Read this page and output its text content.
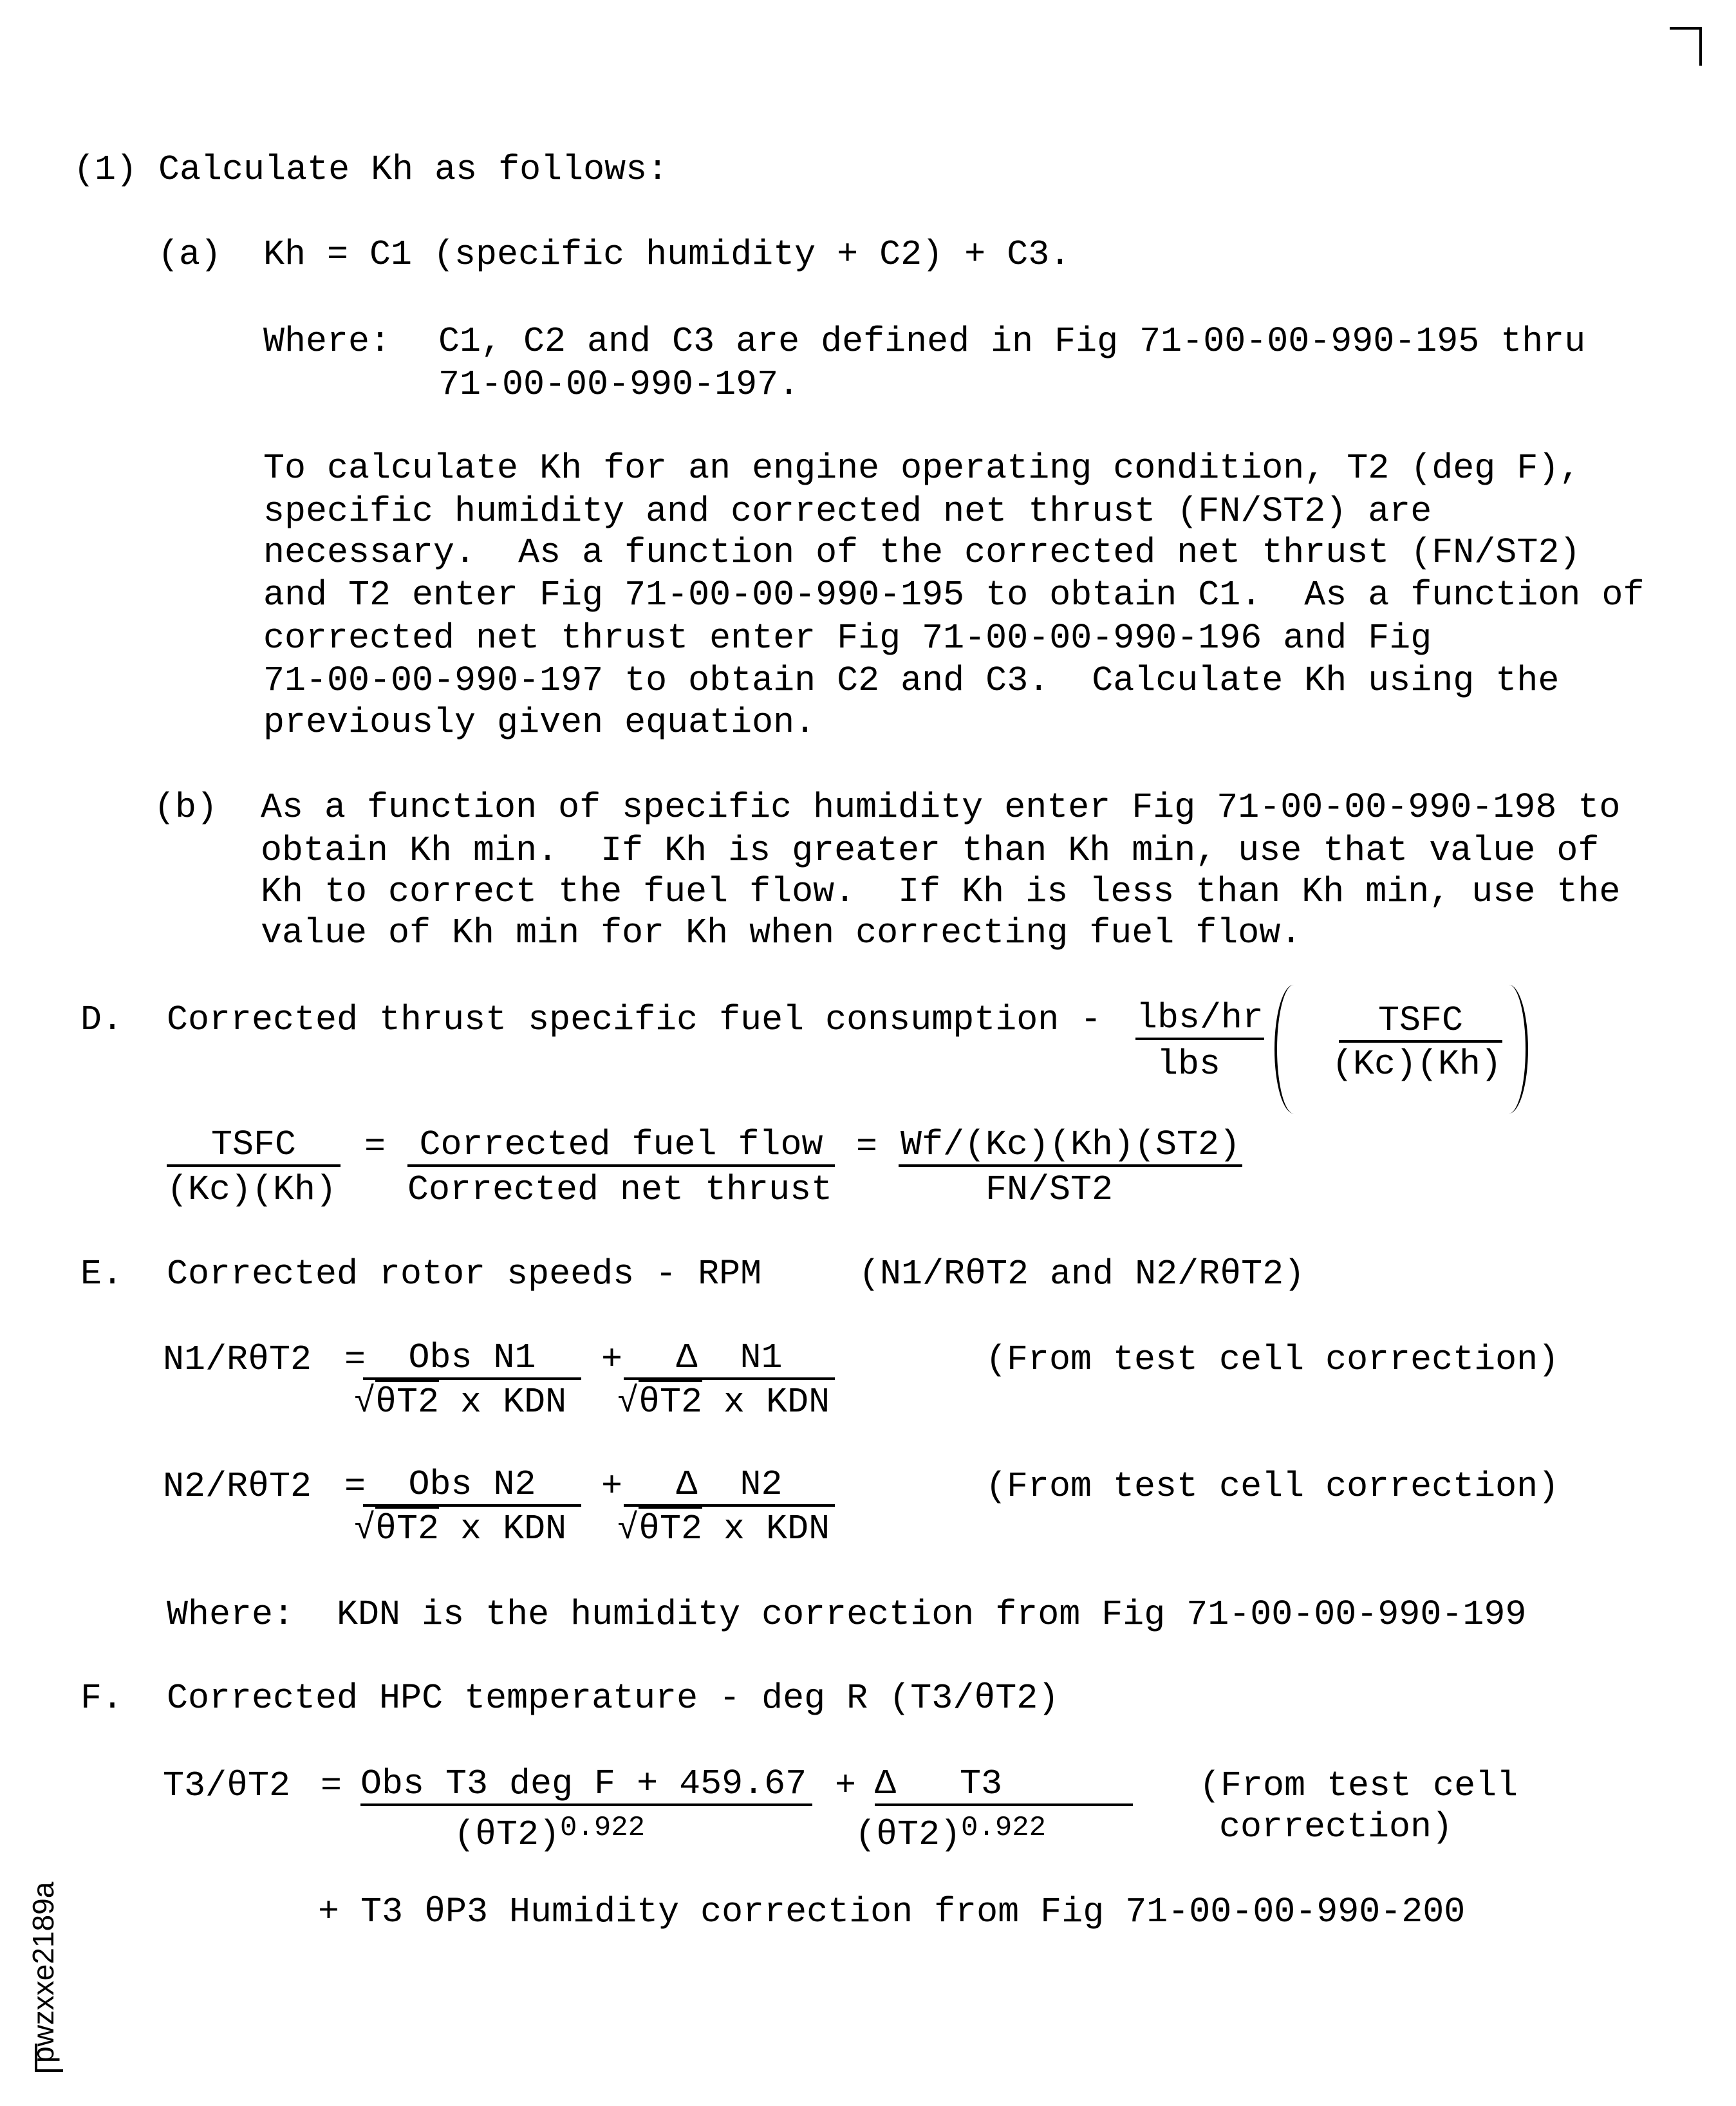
(1) Calculate Kh as follows:
(a) Kh = C1 (specific humidity + C2) + C3.
Where: C1, C2 and C3 are defined in Fig 71-00-00-990-195 thru
71-00-00-990-197.
To calculate Kh for an engine operating condition, T2 (deg F),
specific humidity and corrected net thrust (FN/ST2) are
necessary.  As a function of the corrected net thrust (FN/ST2)
and T2 enter Fig 71-00-00-990-195 to obtain C1.  As a function of
corrected net thrust enter Fig 71-00-00-990-196 and Fig
71-00-00-990-197 to obtain C2 and C3.  Calculate Kh using the
previously given equation.
(b) As a function of specific humidity enter Fig 71-00-00-990-198 to
obtain Kh min.  If Kh is greater than Kh min, use that value of
Kh to correct the fuel flow.  If Kh is less than Kh min, use the
value of Kh min for Kh when correcting fuel flow.
D. Corrected thrust specific fuel consumption - lbs/hr
lbs
TSFC
(Kc)(Kh)
TSFC
(Kc)(Kh)
= Corrected fuel flow
Corrected net thrust
= Wf/(Kc)(Kh)(ST2)
FN/ST2
E. Corrected rotor speeds - RPM	(N1/RθT2 and N2/RθT2)
N1/RθT2 =	Obs N1	+	Δ  N1
√θT2 x KDN √θT2 x KDN
(From test cell correction)
N2/RθT2 =	Obs N2	+	Δ  N2
√θT2 x KDN √θT2 x KDN
(From test cell correction)
Where:  KDN is the humidity correction from Fig 71-00-00-990-199
F. Corrected HPC temperature - deg R (T3/θT2)
T3/θT2 = Obs T3 deg F + 459.67 + Δ   T3
$(\theta T2)^{0.922}$	$(\theta T2)^{0.922}$
(From test cell
correction)
+ T3 θP3 Humidity correction from Fig 71-00-00-990-200
pwzxxe2189a
